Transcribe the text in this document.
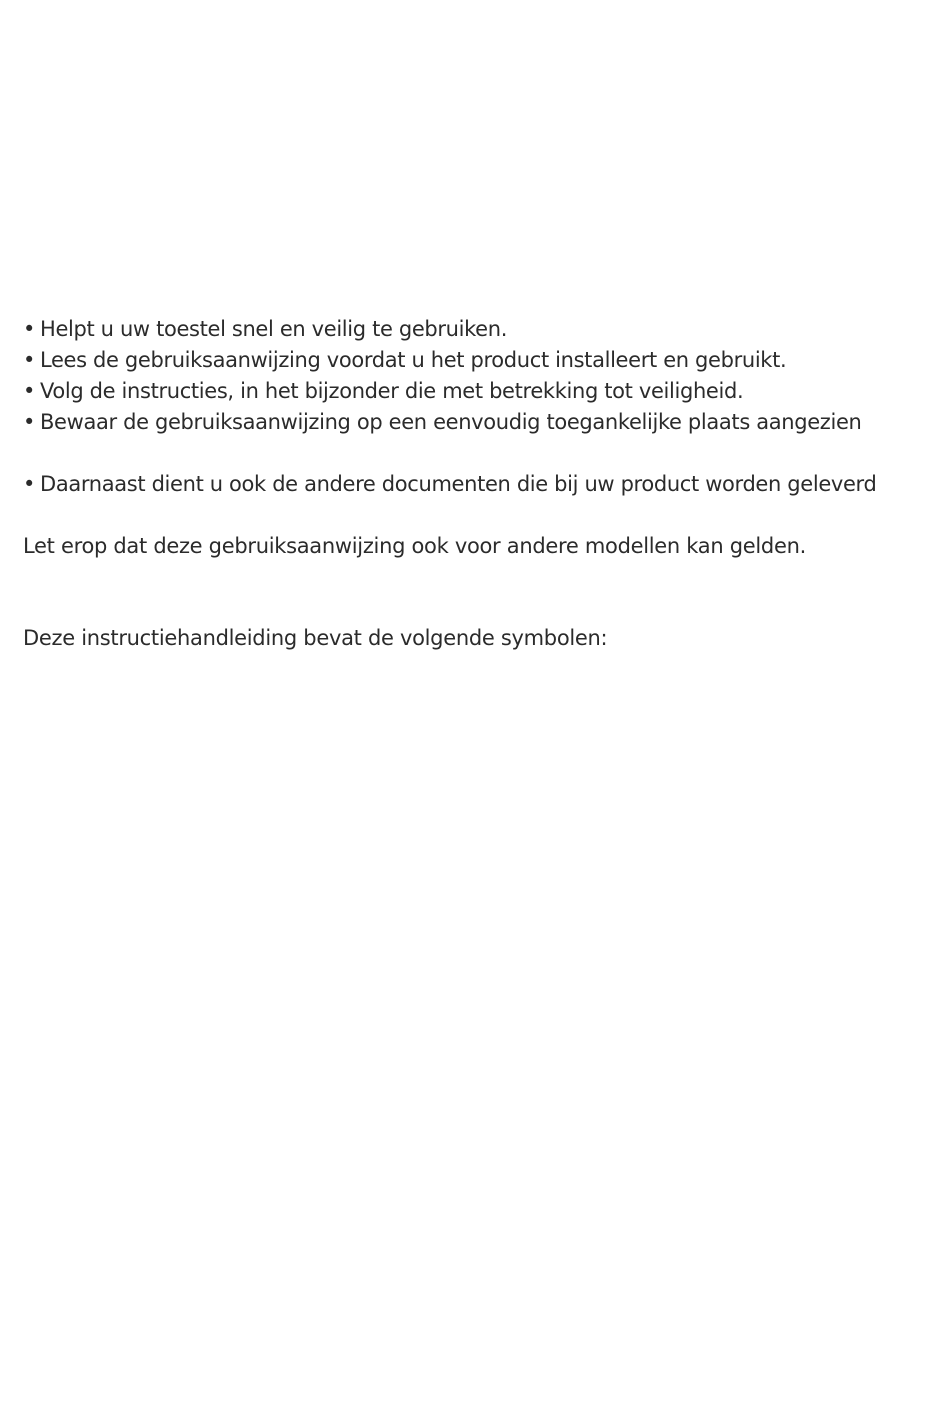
• Helpt u uw toestel snel en veilig te gebruiken.
• Lees de gebruiksaanwijzing voordat u het product installeert en gebruikt.
• Volg de instructies, in het bijzonder die met betrekking tot veiligheid.
• Bewaar de gebruiksaanwijzing op een eenvoudig toegankelijke plaats aangezien
• Daarnaast dient u ook de andere documenten die bij uw product worden geleverd

Let erop dat deze gebruiksaanwijzing ook voor andere modellen kan gelden.

Deze instructiehandleiding bevat de volgende symbolen:
